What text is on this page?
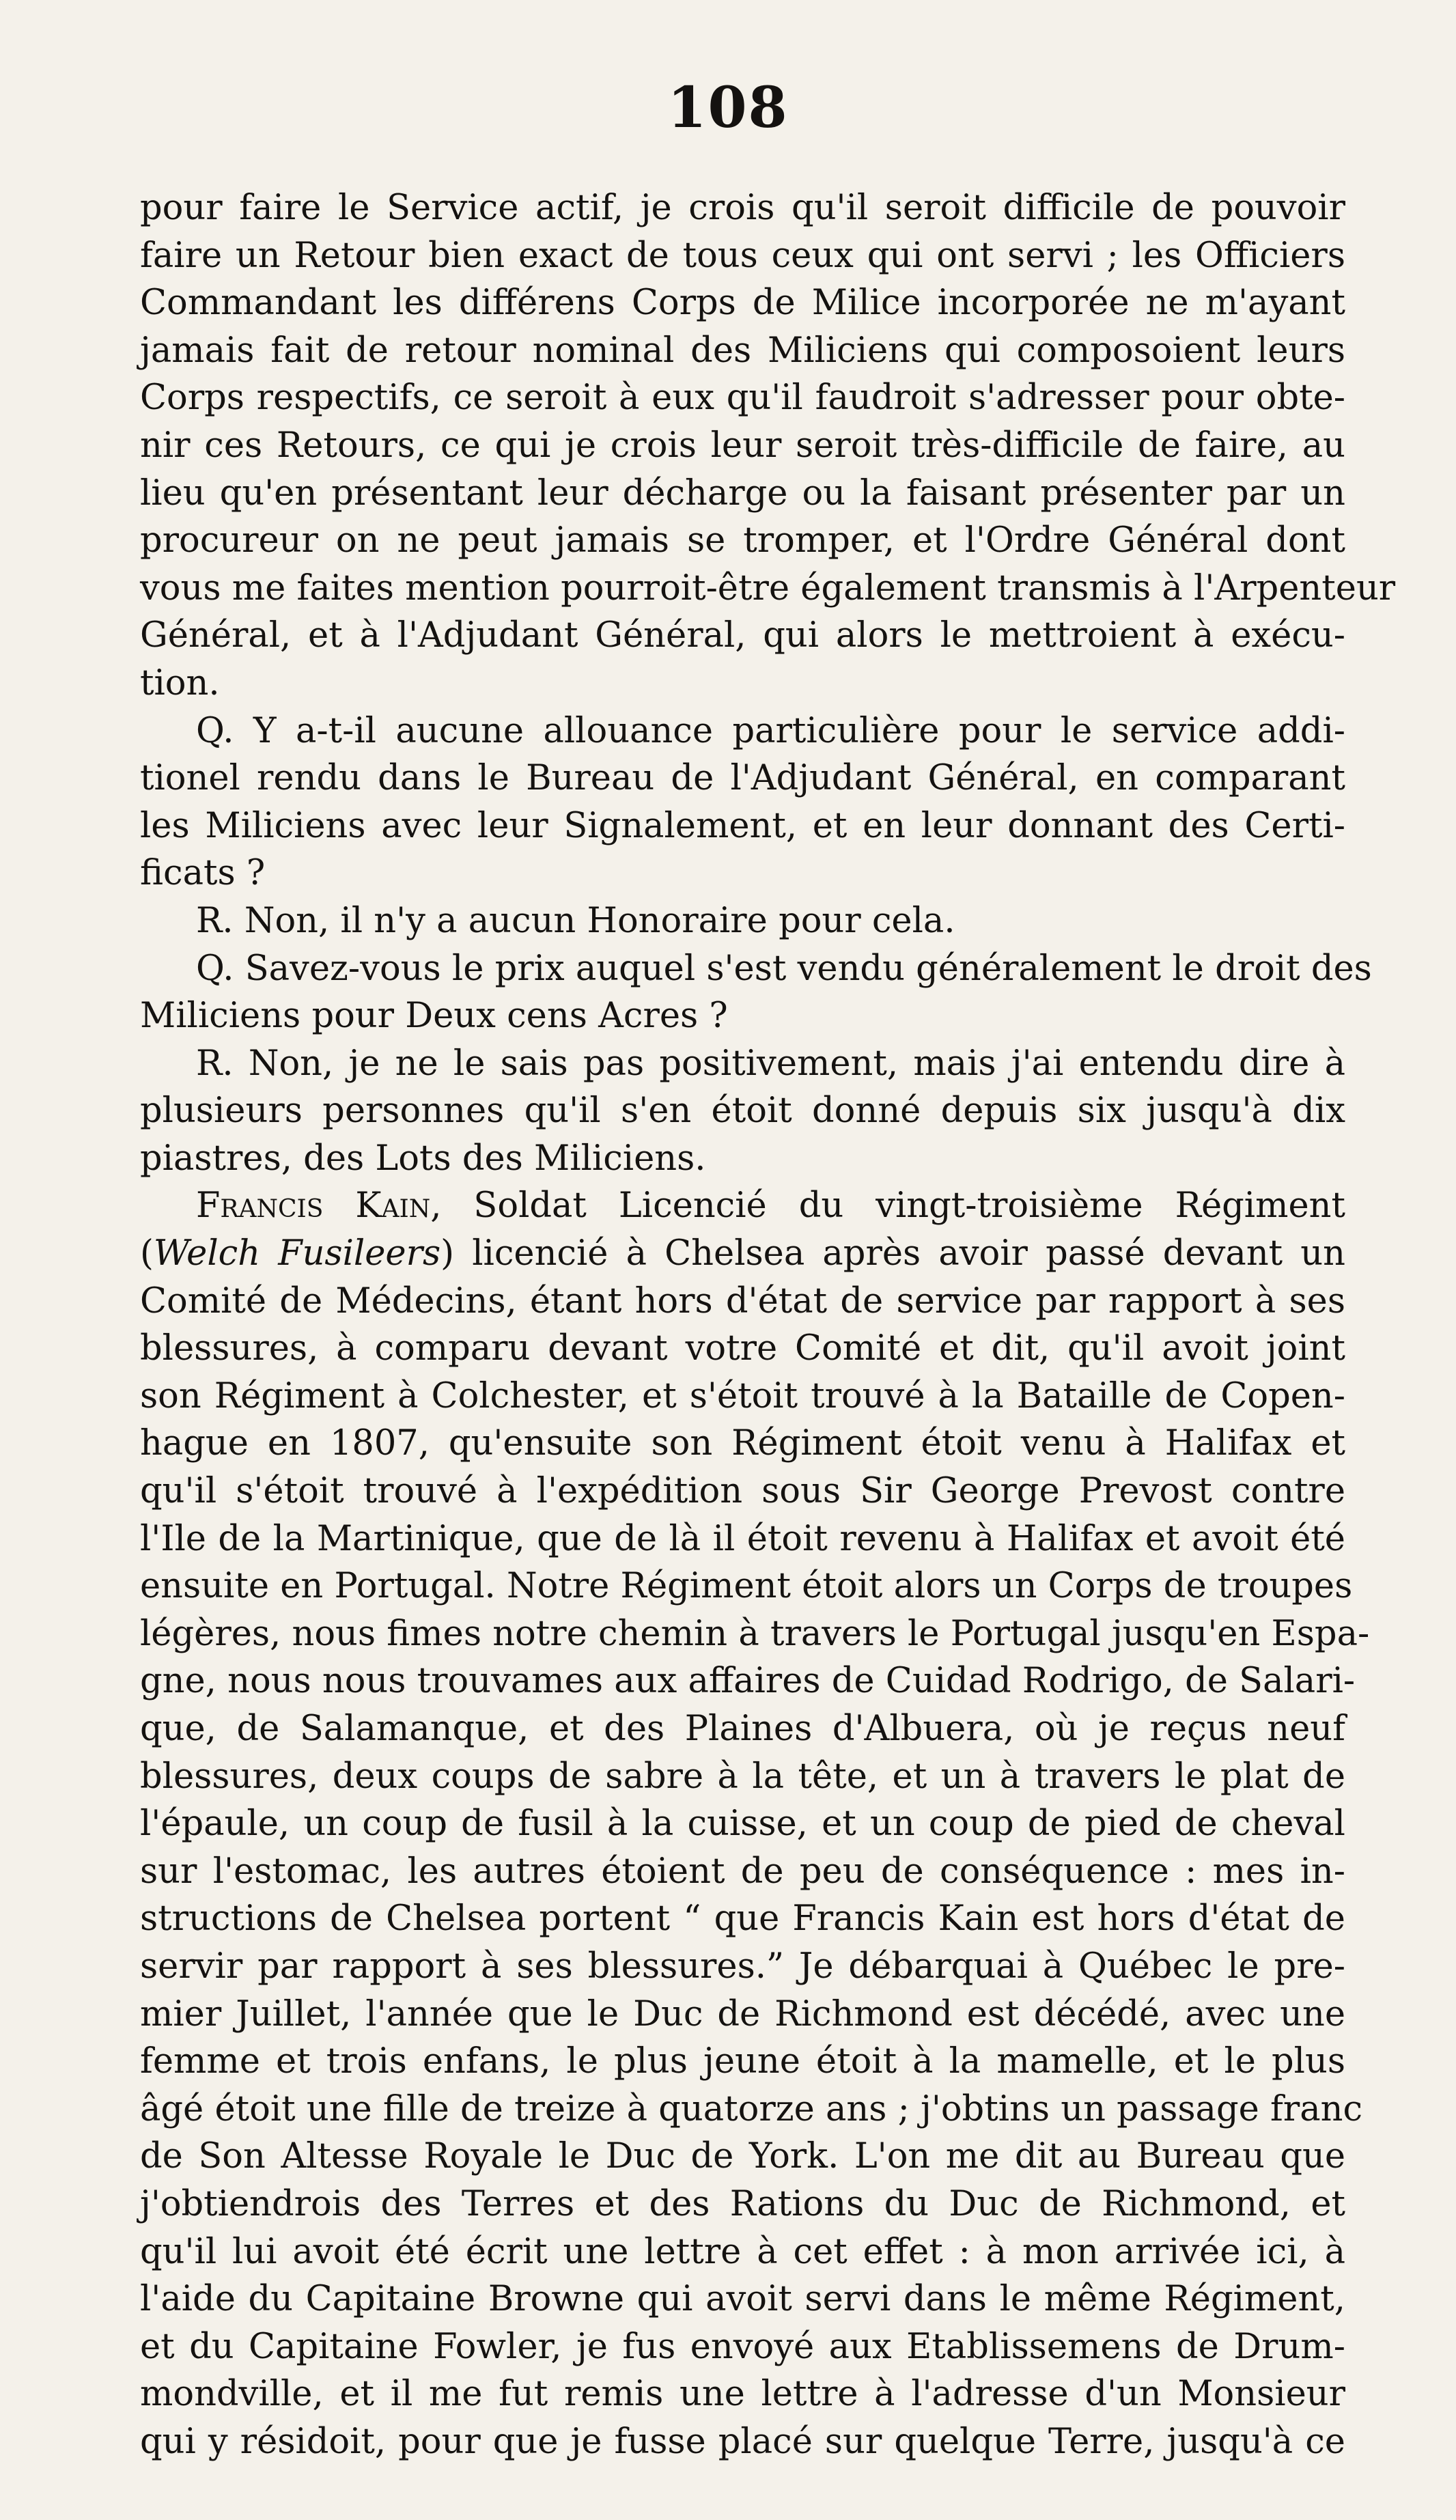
108
pour faire le Service actif, je crois qu'il seroit difficile de pouvoir
faire un Retour bien exact de tous ceux qui ont servi ; les Officiers
Commandant les différens Corps de Milice incorporée ne m'ayant
jamais fait de retour nominal des Miliciens qui composoient leurs
Corps respectifs, ce seroit à eux qu'il faudroit s'adresser pour obte-
nir ces Retours, ce qui je crois leur seroit très-difficile de faire, au
lieu qu'en présentant leur décharge ou la faisant présenter par un
procureur on ne peut jamais se tromper, et l'Ordre Général dont
vous me faites mention pourroit-être également transmis à l'Arpenteur
Général, et à l'Adjudant Général, qui alors le mettroient à exécu-
tion.
Q. Y a-t-il aucune allouance particulière pour le service addi-
tionel rendu dans le Bureau de l'Adjudant Général, en comparant
les Miliciens avec leur Signalement, et en leur donnant des Certi-
ficats ?
R. Non, il n'y a aucun Honoraire pour cela.
Q. Savez-vous le prix auquel s'est vendu généralement le droit des
Miliciens pour Deux cens Acres ?
R. Non, je ne le sais pas positivement, mais j'ai entendu dire à
plusieurs personnes qu'il s'en étoit donné depuis six jusqu'à dix
piastres, des Lots des Miliciens.
Francis Kain, Soldat Licencié du vingt-troisième Régiment
(Welch Fusileers) licencié à Chelsea après avoir passé devant un
Comité de Médecins, étant hors d'état de service par rapport à ses
blessures, à comparu devant votre Comité et dit, qu'il avoit joint
son Régiment à Colchester, et s'étoit trouvé à la Bataille de Copen-
hague en 1807, qu'ensuite son Régiment étoit venu à Halifax et
qu'il s'étoit trouvé à l'expédition sous Sir George Prevost contre
l'Ile de la Martinique, que de là il étoit revenu à Halifax et avoit été
ensuite en Portugal. Notre Régiment étoit alors un Corps de troupes
légères, nous fimes notre chemin à travers le Portugal jusqu'en Espa-
gne, nous nous trouvames aux affaires de Cuidad Rodrigo, de Salari-
que, de Salamanque, et des Plaines d'Albuera, où je reçus neuf
blessures, deux coups de sabre à la tête, et un à travers le plat de
l'épaule, un coup de fusil à la cuisse, et un coup de pied de cheval
sur l'estomac, les autres étoient de peu de conséquence : mes in-
structions de Chelsea portent “ que Francis Kain est hors d'état de
servir par rapport à ses blessures.” Je débarquai à Québec le pre-
mier Juillet, l'année que le Duc de Richmond est décédé, avec une
femme et trois enfans, le plus jeune étoit à la mamelle, et le plus
âgé étoit une fille de treize à quatorze ans ; j'obtins un passage franc
de Son Altesse Royale le Duc de York. L'on me dit au Bureau que
j'obtiendrois des Terres et des Rations du Duc de Richmond, et
qu'il lui avoit été écrit une lettre à cet effet : à mon arrivée ici, à
l'aide du Capitaine Browne qui avoit servi dans le même Régiment,
et du Capitaine Fowler, je fus envoyé aux Etablissemens de Drum-
mondville, et il me fut remis une lettre à l'adresse d'un Monsieur
qui y résidoit, pour que je fusse placé sur quelque Terre, jusqu'à ce
